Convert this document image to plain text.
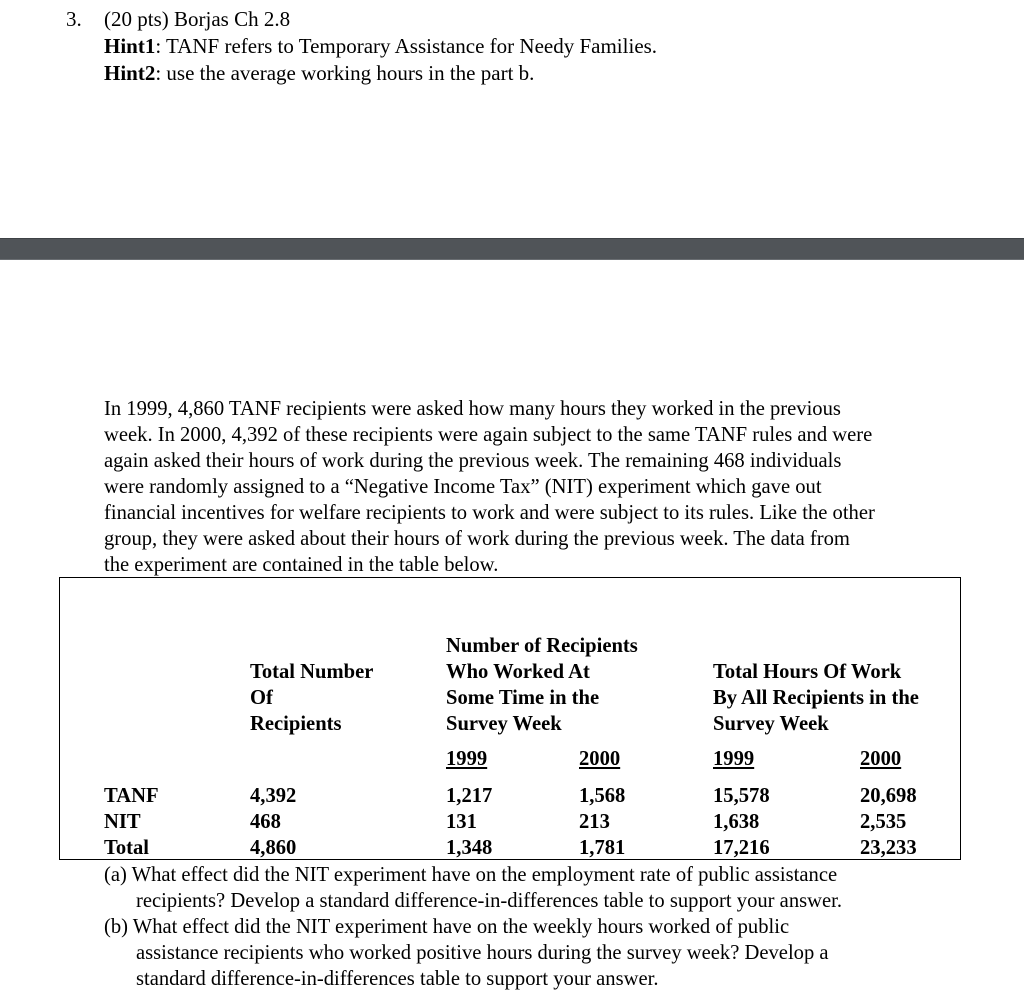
3. (20 pts) Borjas Ch 2.8
Hint1: TANF refers to Temporary Assistance for Needy Families.
Hint2: use the average working hours in the part b.
In 1999, 4,860 TANF recipients were asked how many hours they worked in the previous
week. In 2000, 4,392 of these recipients were again subject to the same TANF rules and were
again asked their hours of work during the previous week. The remaining 468 individuals
were randomly assigned to a “Negative Income Tax” (NIT) experiment which gave out
financial incentives for welfare recipients to work and were subject to its rules. Like the other
group, they were asked about their hours of work during the previous week. The data from
the experiment are contained in the table below.
Total Number
Of
Recipients
Number of Recipients
Who Worked At
Some Time in the
Survey Week
Total Hours Of Work
By All Recipients in the
Survey Week
1999	2000	1999	2000
TANF	4,392	1,217	1,568	15,578	20,698
NIT	468	131	213	1,638	2,535
Total	4,860	1,348	1,781	17,216	23,233
(a) What effect did the NIT experiment have on the employment rate of public assistance
recipients? Develop a standard difference-in-differences table to support your answer.
(b) What effect did the NIT experiment have on the weekly hours worked of public
assistance recipients who worked positive hours during the survey week? Develop a
standard difference-in-differences table to support your answer.
